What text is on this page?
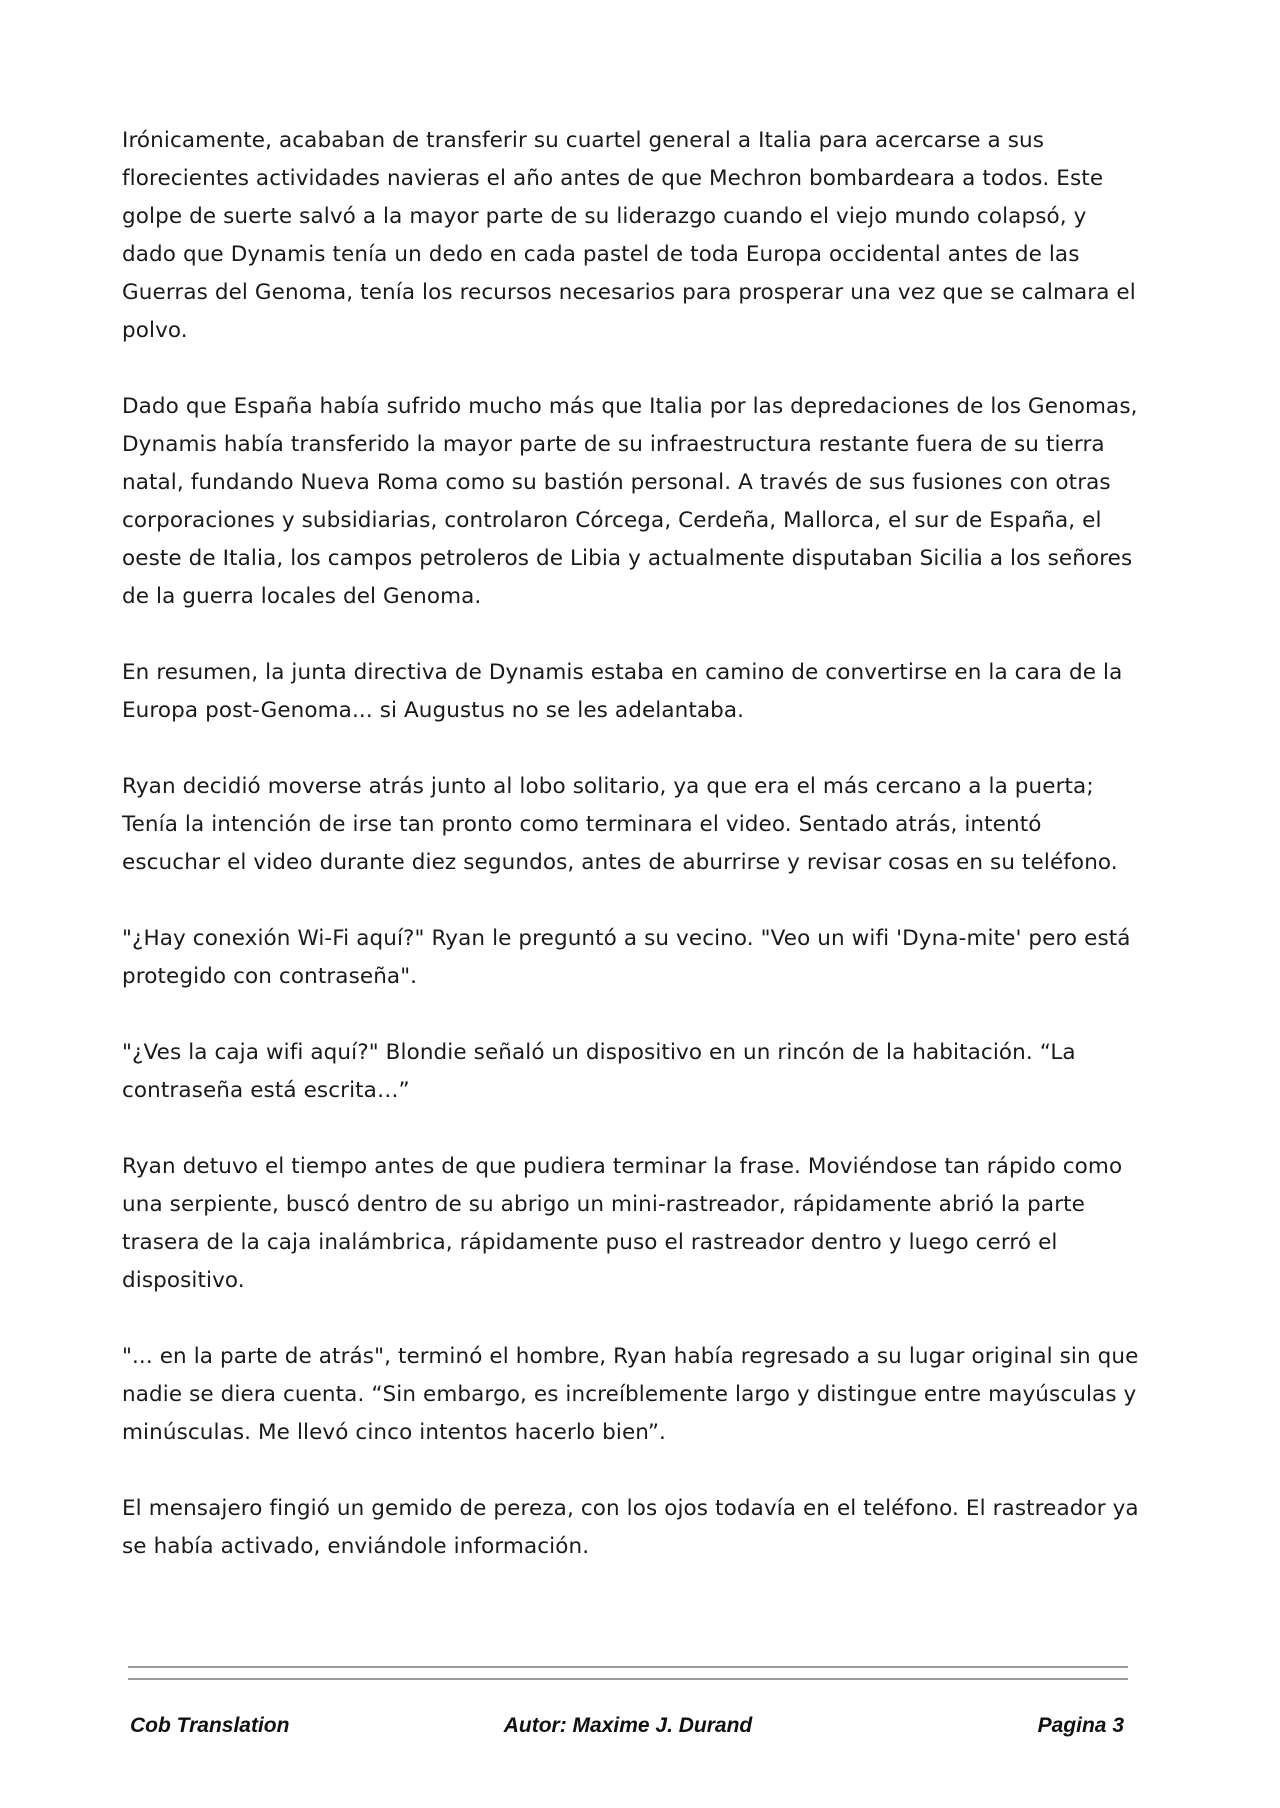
Irónicamente, acababan de transferir su cuartel general a Italia para acercarse a sus florecientes actividades navieras el año antes de que Mechron bombardeara a todos. Este golpe de suerte salvó a la mayor parte de su liderazgo cuando el viejo mundo colapsó, y dado que Dynamis tenía un dedo en cada pastel de toda Europa occidental antes de las Guerras del Genoma, tenía los recursos necesarios para prosperar una vez que se calmara el polvo.

Dado que España había sufrido mucho más que Italia por las depredaciones de los Genomas, Dynamis había transferido la mayor parte de su infraestructura restante fuera de su tierra natal, fundando Nueva Roma como su bastión personal. A través de sus fusiones con otras corporaciones y subsidiarias, controlaron Córcega, Cerdeña, Mallorca, el sur de España, el oeste de Italia, los campos petroleros de Libia y actualmente disputaban Sicilia a los señores de la guerra locales del Genoma.

En resumen, la junta directiva de Dynamis estaba en camino de convertirse en la cara de la Europa post-Genoma... si Augustus no se les adelantaba.

Ryan decidió moverse atrás junto al lobo solitario, ya que era el más cercano a la puerta; Tenía la intención de irse tan pronto como terminara el video. Sentado atrás, intentó escuchar el video durante diez segundos, antes de aburrirse y revisar cosas en su teléfono.

"¿Hay conexión Wi-Fi aquí?" Ryan le preguntó a su vecino. "Veo un wifi 'Dyna-mite' pero está protegido con contraseña".

"¿Ves la caja wifi aquí?" Blondie señaló un dispositivo en un rincón de la habitación. “La contraseña está escrita…”

Ryan detuvo el tiempo antes de que pudiera terminar la frase. Moviéndose tan rápido como una serpiente, buscó dentro de su abrigo un mini-rastreador, rápidamente abrió la parte trasera de la caja inalámbrica, rápidamente puso el rastreador dentro y luego cerró el dispositivo.

"... en la parte de atrás", terminó el hombre, Ryan había regresado a su lugar original sin que nadie se diera cuenta. “Sin embargo, es increíblemente largo y distingue entre mayúsculas y minúsculas. Me llevó cinco intentos hacerlo bien”.

El mensajero fingió un gemido de pereza, con los ojos todavía en el teléfono. El rastreador ya se había activado, enviándole información.

Cob Translation	Autor: Maxime J. Durand	Pagina 3
